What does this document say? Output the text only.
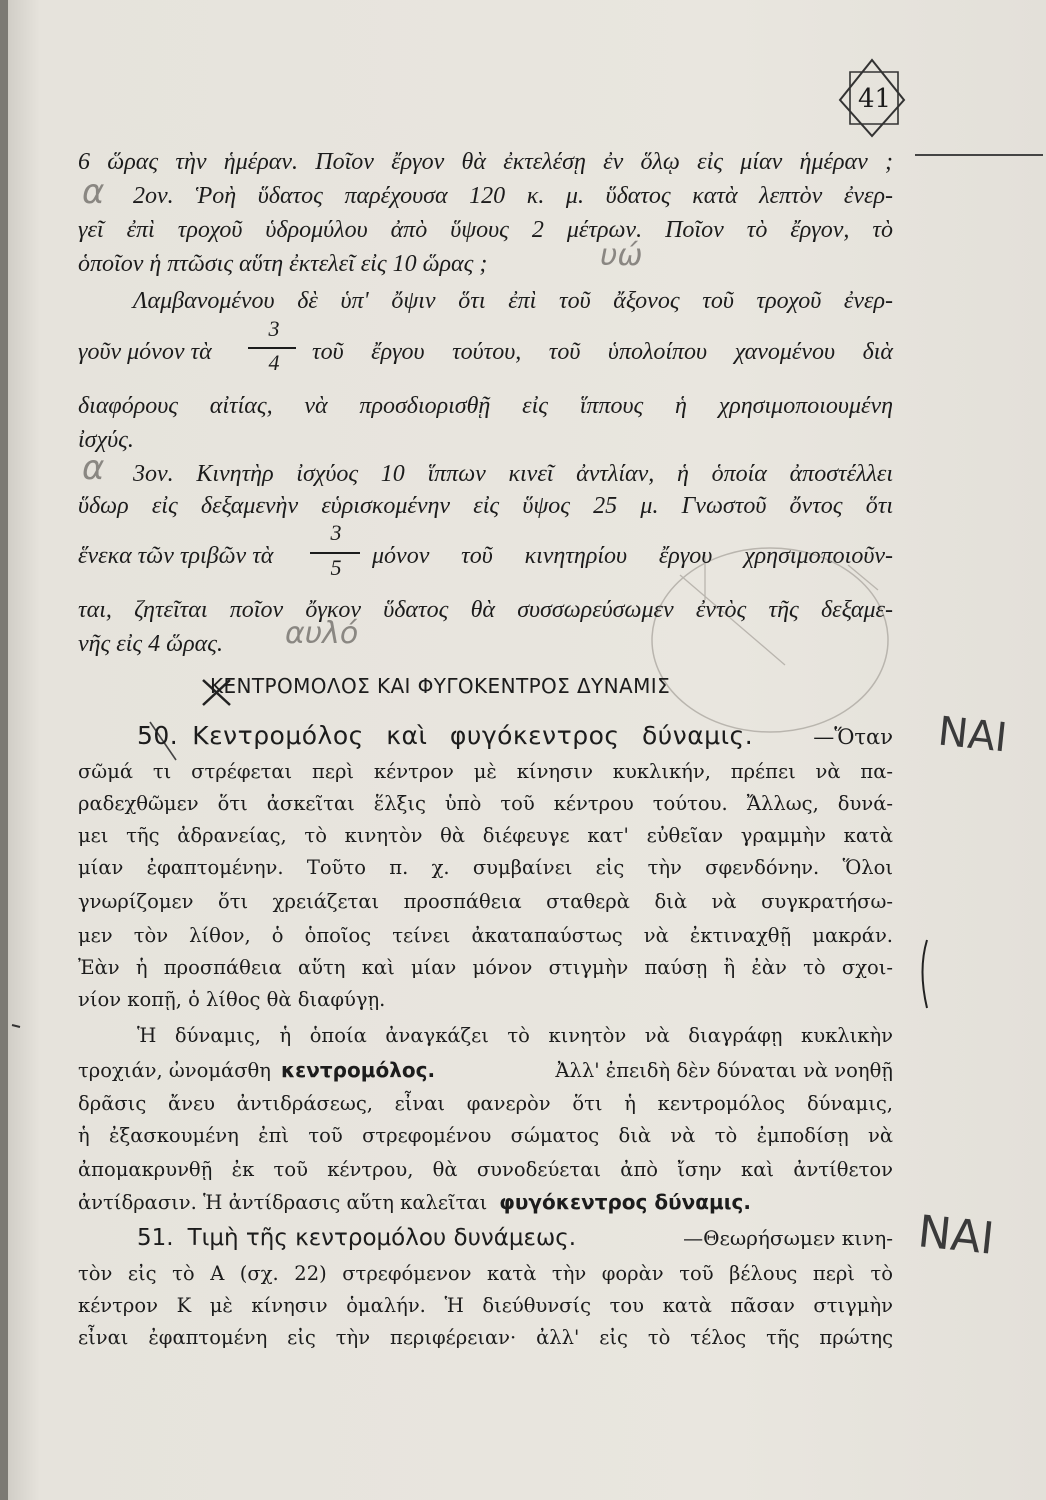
41
6 ὥρας τὴν ἡμέραν. Ποῖον ἔργον θὰ ἐκτελέσῃ ἐν ὅλῳ εἰς μίαν ἡμέραν ;
2ον. Ῥοὴ ὕδατος παρέχουσα 120 κ. μ. ὕδατος κατὰ λεπτὸν ἐνερ-
γεῖ ἐπὶ τροχοῦ ὑδρομύλου ἀπὸ ὕψους 2 μέτρων. Ποῖον τὸ ἔργον, τὸ
ὁποῖον ἡ πτῶσις αὕτη ἐκτελεῖ εἰς 10 ὥρας ;
Λαμβανομένου δὲ ὑπ' ὄψιν ὅτι ἐπὶ τοῦ ἄξονος τοῦ τροχοῦ ἐνερ-
γοῦν μόνον τὰ
3
4	τοῦ ἔργου τούτου, τοῦ ὑπολοίπου χανομένου διὰ
διαφόρους αἰτίας, νὰ προσδιορισθῇ εἰς ἵππους ἡ χρησιμοποιουμένη
ἰσχύς.
3ον. Κινητὴρ ἰσχύος 10 ἵππων κινεῖ ἀντλίαν, ἡ ὁποία ἀποστέλλει
ὕδωρ εἰς δεξαμενὴν εὑρισκομένην εἰς ὕψος 25 μ. Γνωστοῦ ὄντος ὅτι
ἕνεκα τῶν τριβῶν τὰ
3
5	μόνον τοῦ κινητηρίου ἔργου χρησιμοποιοῦν-
ται, ζητεῖται ποῖον ὄγκον ὕδατος θὰ συσσωρεύσωμεν ἐντὸς τῆς δεξαμε-
νῆς εἰς 4 ὥρας.
ΚΕΝΤΡΟΜΟΛΟΣ ΚΑΙ ΦΥΓΟΚΕΝΤΡΟΣ ΔΥΝΑΜΙΣ
50. Κεντρομόλος καὶ φυγόκεντρος δύναμις.	—Ὅταν
σῶμά τι στρέφεται περὶ κέντρον μὲ κίνησιν κυκλικήν, πρέπει νὰ πα-
ραδεχθῶμεν ὅτι ἀσκεῖται ἕλξις ὑπὸ τοῦ κέντρου τούτου. Ἄλλως, δυνά-
μει τῆς ἀδρανείας, τὸ κινητὸν θὰ διέφευγε κατ' εὐθεῖαν γραμμὴν κατὰ
μίαν ἐφαπτομένην. Τοῦτο π. χ. συμβαίνει εἰς τὴν σφενδόνην. Ὅλοι
γνωρίζομεν ὅτι χρειάζεται προσπάθεια σταθερὰ διὰ νὰ συγκρατήσω-
μεν τὸν λίθον, ὁ ὁποῖος τείνει ἀκαταπαύστως νὰ ἐκτιναχθῇ μακράν.
Ἐὰν ἡ προσπάθεια αὕτη καὶ μίαν μόνον στιγμὴν παύσῃ ἢ ἐὰν τὸ σχοι-
νίον κοπῇ, ὁ λίθος θὰ διαφύγῃ.
Ἡ δύναμις, ἡ ὁποία ἀναγκάζει τὸ κινητὸν νὰ διαγράφῃ κυκλικὴν
τροχιάν, ὠνομάσθη κεντρομόλος.	Ἀλλ' ἐπειδὴ δὲν δύναται νὰ νοηθῇ
δρᾶσις ἄνευ ἀντιδράσεως, εἶναι φανερὸν ὅτι ἡ κεντρομόλος δύναμις,
ἡ ἐξασκουμένη ἐπὶ τοῦ στρεφομένου σώματος διὰ νὰ τὸ ἐμποδίσῃ νὰ
ἀπομακρυνθῇ ἐκ τοῦ κέντρου, θὰ συνοδεύεται ἀπὸ ἴσην καὶ ἀντίθετον
ἀντίδρασιν. Ἡ ἀντίδρασις αὕτη καλεῖται φυγόκεντρος δύναμις.
51. Τιμὴ τῆς κεντρομόλου δυνάμεως.	—Θεωρήσωμεν κινη-
τὸν εἰς τὸ Α (σχ. 22) στρεφόμενον κατὰ τὴν φορὰν τοῦ βέλους περὶ τὸ
κέντρον Κ μὲ κίνησιν ὁμαλήν. Ἡ διεύθυνσίς του κατὰ πᾶσαν στιγμὴν
εἶναι ἐφαπτομένη εἰς τὴν περιφέρειαν· ἀλλ' εἰς τὸ τέλος τῆς πρώτης
α
α
υώ
αυλό
ΝΑΙ
ΝΑΙ
